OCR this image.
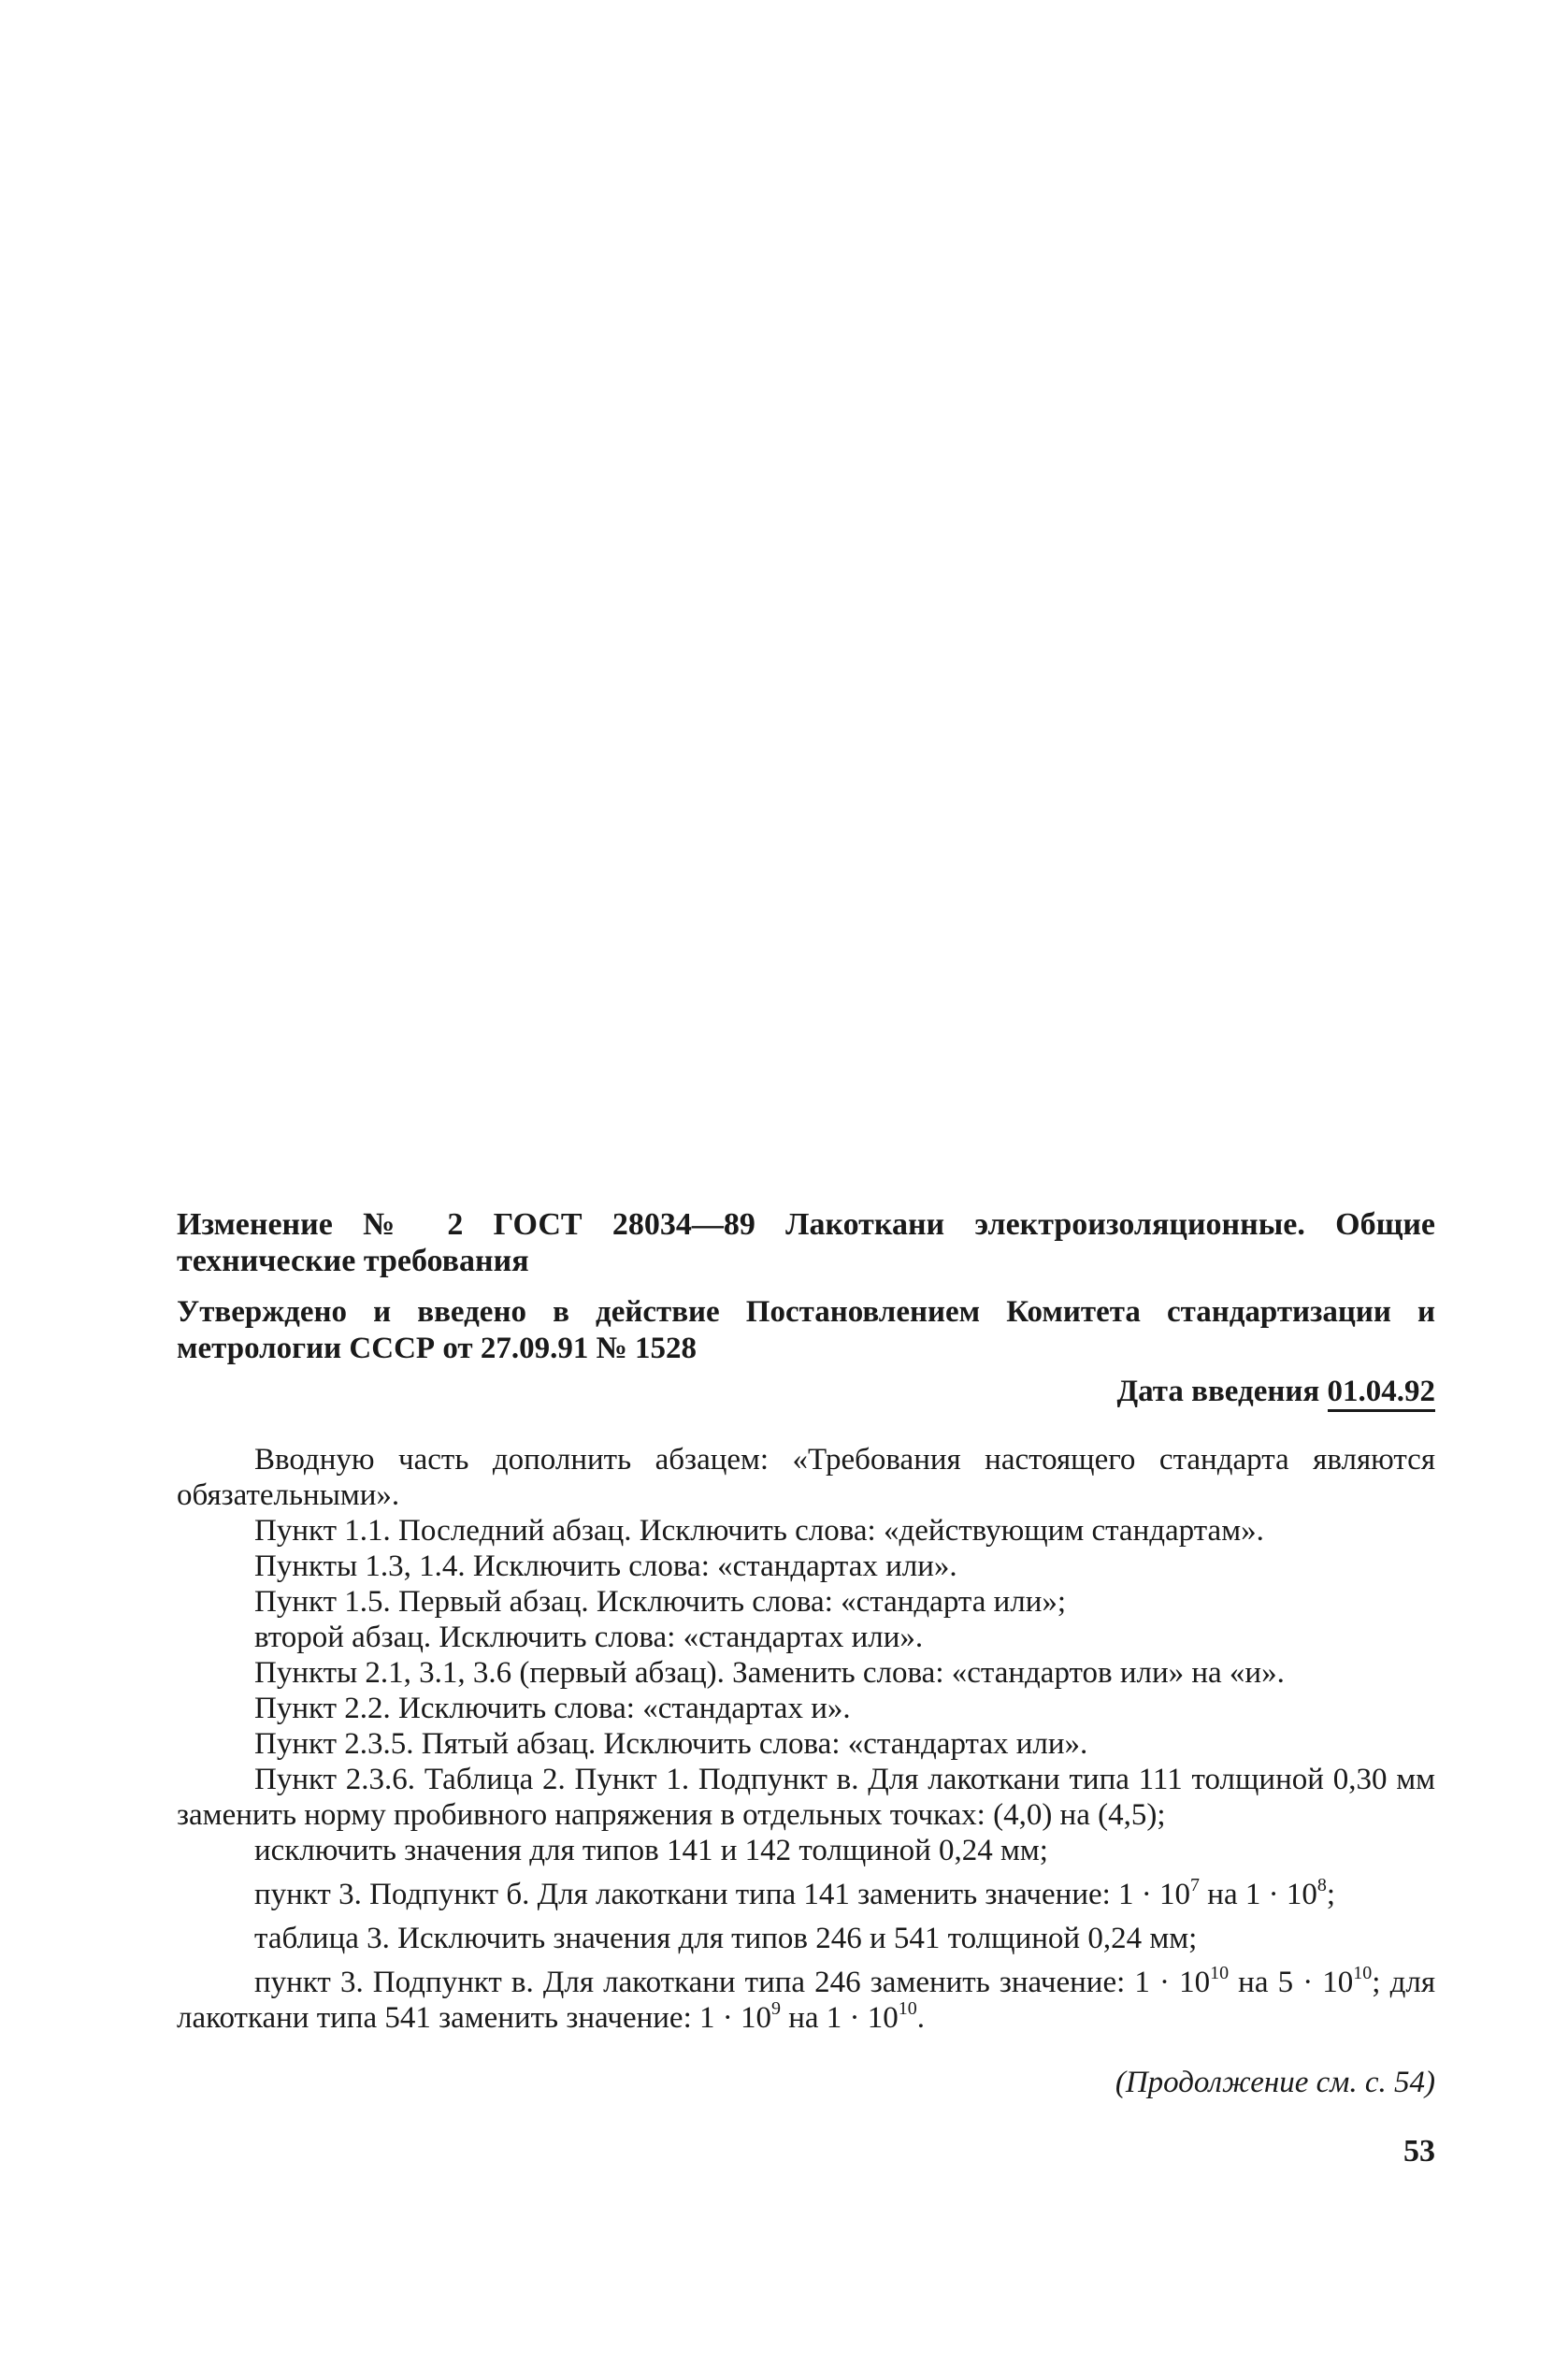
Изменение № 2 ГОСТ 28034—89 Лакоткани электроизоляционные. Общие технические требования

Утверждено и введено в действие Постановлением Комитета стандартизации и метрологии СССР от 27.09.91 № 1528

Дата введения 01.04.92

Вводную часть дополнить абзацем: «Требования настоящего стандарта являются обязательными».

Пункт 1.1. Последний абзац. Исключить слова: «действующим стандартам».

Пункты 1.3, 1.4. Исключить слова: «стандартах или».

Пункт 1.5. Первый абзац. Исключить слова: «стандарта или»;

второй абзац. Исключить слова: «стандартах или».

Пункты 2.1, 3.1, 3.6 (первый абзац). Заменить слова: «стандартов или» на «и».

Пункт 2.2. Исключить слова: «стандартах и».

Пункт 2.3.5. Пятый абзац. Исключить слова: «стандартах или».

Пункт 2.3.6. Таблица 2. Пункт 1. Подпункт в. Для лакоткани типа 111 толщиной 0,30 мм заменить норму пробивного напряжения в отдельных точках: (4,0) на (4,5);

исключить значения для типов 141 и 142 толщиной 0,24 мм;

пункт 3. Подпункт б. Для лакоткани типа 141 заменить значение: $1 \cdot 10^7$ на $1 \cdot 10^8$;

таблица 3. Исключить значения для типов 246 и 541 толщиной 0,24 мм;

пункт 3. Подпункт в. Для лакоткани типа 246 заменить значение: $1 \cdot 10^{10}$ на $5 \cdot 10^{10}$; для лакоткани типа 541 заменить значение: $1 \cdot 10^9$ на $1 \cdot 10^{10}$.

(Продолжение см. с. 54)

53
